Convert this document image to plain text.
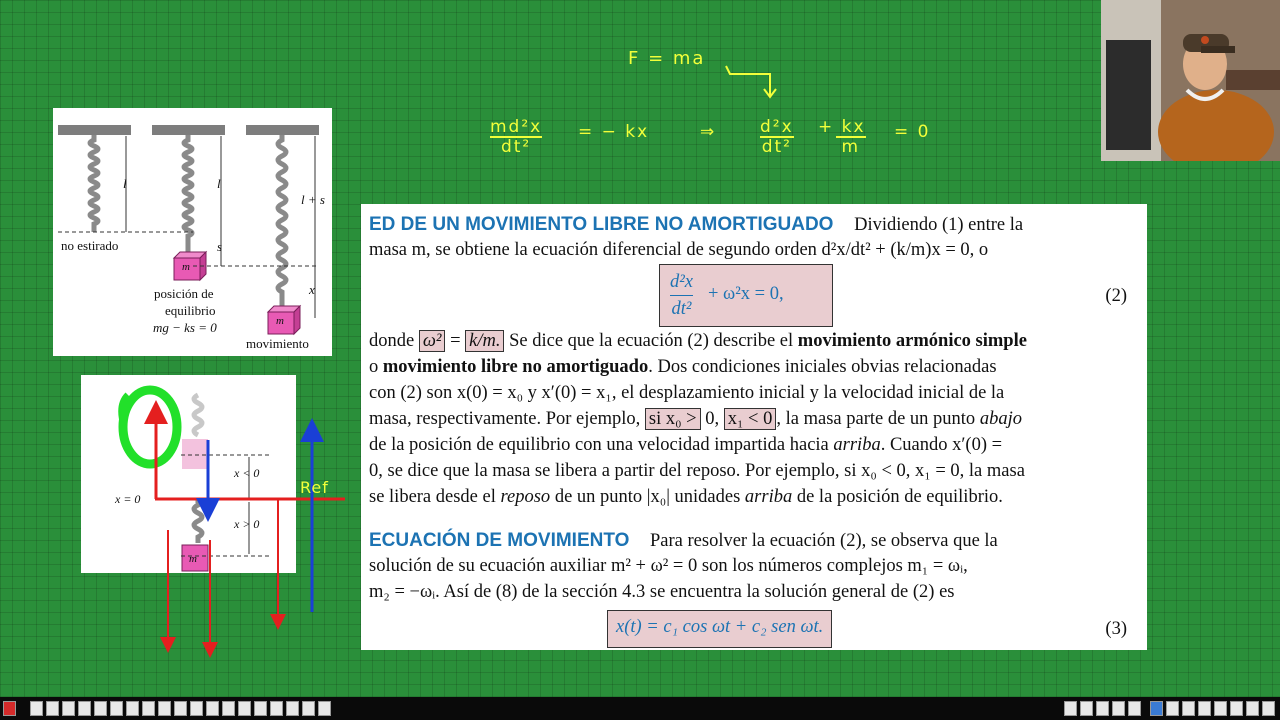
F = ma
$\frac{\text{md²x}}{\text{dt²}}$ = − kx	⇒	$\frac{\text{d²x}}{\text{dt²}} \frac{+ kx}{m} = 0$
l	l
l + s
s
x
m
m
no estirado
posición de
equilibrio
mg − ks = 0
movimiento
x < 0
x > 0
x = 0
m
Ref
ED DE UN MOVIMIENTO LIBRE NO AMORTIGUADO Dividiendo (1) entre la
masa m, se obtiene la ecuación diferencial de segundo orden d²x/dt² + (k/m)x = 0, o
$\frac{\text{d²x}}{\text{dt²}} + \omega^2x = 0$,	(2)
donde ω² = k/m. Se dice que la ecuación (2) describe el movimiento armónico simple
o movimiento libre no amortiguado. Dos condiciones iniciales obvias relacionadas
con (2) son x(0) = x₀ y x′(0) = x₁, el desplazamiento inicial y la velocidad inicial de la
masa, respectivamente. Por ejemplo, si x₀ > 0, x₁ < 0 , la masa parte de un punto abajo
de la posición de equilibrio con una velocidad impartida hacia arriba. Cuando x′(0) =
0, se dice que la masa se libera a partir del reposo. Por ejemplo, si x₀ < 0, x₁ = 0, la masa
se libera desde el reposo de un punto |x₀| unidades arriba de la posición de equilibrio.
ECUACIÓN DE MOVIMIENTO Para resolver la ecuación (2), se observa que la
solución de su ecuación auxiliar m² + ω² = 0 son los números complejos m₁ = ωᵢ,
m₂ = −ωᵢ. Así de (8) de la sección 4.3 se encuentra la solución general de (2) es
x(t) = c₁ cos ωt + c₂ sen ωt.	(3)
